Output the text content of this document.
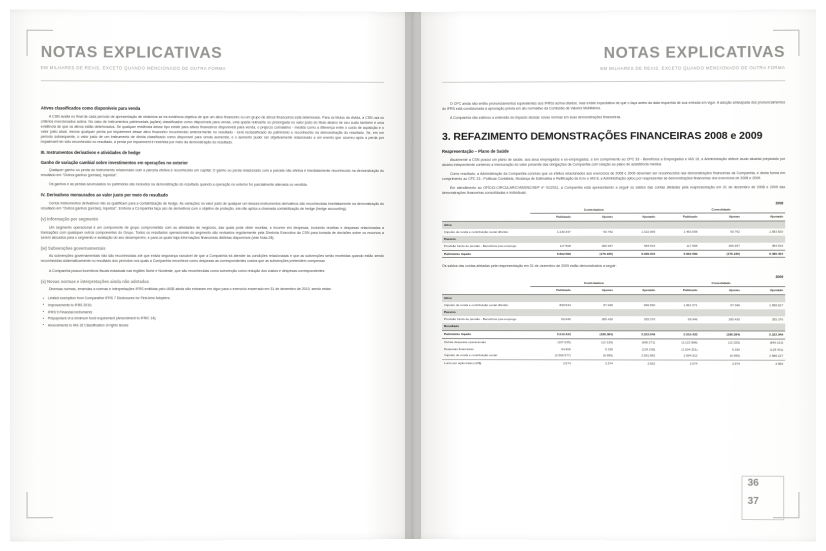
NOTAS EXPLICATIVAS
EM MILHARES DE REAIS, EXCETO QUANDO MENCIONADO DE OUTRA FORMA
Ativos classificados como disponíveis para venda

A CSN avalia no final de cada período de apresentação de relatórios se há evidência objetiva de que um ativo financeiro ou um grupo de ativos financeiros está deteriorado. Para os títulos da dívida, a CSN usa os critérios mencionados acima. No caso de instrumentos patrimoniais (ações) classificados como disponíveis para venda, uma queda relevante ou prolongada no valor justo do título abaixo de seu custo também é uma evidência de que os ativos estão deteriorados. Se qualquer evidência desse tipo existir para ativos financeiros disponíveis para venda, o prejuízo cumulativo - medido como a diferença entre o custo de aquisição e o valor justo atual, menos qualquer perda por impairment desse ativo financeiro reconhecido anteriormente no resultado - será reclassificado do patrimônio e reconhecido na demonstração do resultado. Se, em um período subsequente, o valor justo de um instrumento de dívida classificado como disponível para venda aumentar, e o aumento puder ser objetivamente relacionado a um evento que ocorreu após a perda por impairment ter sido reconhecido no resultado, a perda por impairment é revertida por meio da demonstração do resultado.

III. Instrumentos derivativos e atividades de hedge
Ganho de variação cambial sobre investimentos em operações no exterior

Qualquer ganho ou perda do instrumento relacionado com a parcela efetiva é reconhecido em capital. O ganho ou perda relacionado com a parcela não efetiva é imediatamente reconhecido na demonstração do resultado em "Outros ganhos (perdas), líquidos".

Os ganhos e as perdas acumulados no patrimônio são incluídos na demonstração do resultado quando a operação no exterior for parcialmente alienada ou vendida.

IV. Derivativos mensurados ao valor justo por meio do resultado

Certos instrumentos derivativos não se qualificam para a contabilização de hedge. As variações no valor justo de qualquer um desses instrumentos derivativos são reconhecidas imediatamente na demonstração do resultado em "Outros ganhos (perdas), líquidos". Embora a Companhia faça uso de derivativos com o objetivo de proteção, ela não aplica a chamada contabilização de hedge (hedge accounting).

(v) Informação por segmento

Um segmento operacional é um componente de grupo comprometido com as atividades de negócios, das quais pode obter receitas, e incorrer em despesas, incluindo receitas e despesas relacionadas a transações com quaisquer outros componentes do Grupo. Todos os resultados operacionais do segmento são revisados regularmente pela Diretoria Executiva da CSN para tomada de decisões sobre os recursos a serem alocados para o segmento e avaliação do seu desempenho, e para os quais haja informações financeiras distintas disponíveis (vide Nota 28).

(w) Subvenções governamentais

As subvenções governamentais não são reconhecidas até que exista segurança razoável de que a Companhia irá atender às condições relacionadas e que as subvenções serão recebidas quando estão sendo reconhecidas sistematicamente no resultado dos períodos nos quais a Companhia reconhece como despesas as correspondentes custos que as subvenções pretendem compensar.

A Companhia possui incentivos fiscais estaduais nas regiões Norte e Nordeste, que são reconhecidas como subvenção como redução dos custos e despesas correspondentes.

(x) Novas normas e interpretações ainda não adotadas

Diversas normas, emendas a normas e interpretações IFRS emitidas pelo IASB ainda não entraram em vigor para o exercício encerrado em 31 de dezembro de 2010, sendo estas:

• Limited exemption from Comparative IFRS 7 Disclosures for First-time Adopters;
• Improvements to IFRS 2010;
• IFRS 9 Financial instruments
• Prepayment of a minimum fund requirement (Amendment to IFRIC 14);
• Amendments to IAS 32 Classification of rights issues
NOTAS EXPLICATIVAS
EM MILHARES DE REAIS, EXCETO QUANDO MENCIONADO DE OUTRA FORMA

O CPC ainda não emitiu pronunciamentos equivalentes aos IFRSs acima citados, mas existe expectativa de que o faça antes da data requerida de sua entrada em vigor. A adoção antecipada dos pronunciamentos do IFRS está condicionada à aprovação prévia em ato normativo da Comissão de Valores Mobiliários.

A Companhia não estimou a extensão do impacto dessas novas normas em suas demonstrações financeiras.

3. REFAZIMENTO DEMONSTRAÇÕES FINANCEIRAS 2008 e 2009
Reapresentação – Plano de Saúde

Atualmente a CSN possui um plano de saúde, aos seus empregados e ex-empregados, e em cumprimento ao CPC 33 - Benefícios a Empregados e IAS 19, a Administração obteve laudo atuarial preparado por atuário independente contendo a mensuração do valor presente das obrigações da Companhia com relação ao plano de assistência médica.

Como resultado, a Administração da Companhia concluiu que os efeitos relacionados aos exercícios de 2008 e 2009 deveriam ser reconhecidos nas demonstrações financeiras da Companhia, e desta forma em cumprimento ao CPC 23 - Políticas Contábeis, Mudança de Estimativa e Retificação de Erro e IAS 8, a Administração optou por reapresentar as demonstrações financeiras dos exercícios de 2008 e 2009.

Em atendimento ao OFÍCIO-CIRCULAR/CVM/SNC/SEP nº 01/2011, a Companhia está apresentando a seguir os saldos das contas afetadas pela reapresentação em 31 de dezembro de 2008 e 2009 das demonstrações financeiras consolidadas e individuais.

						2008
	Controladora			Consolidado		
	Publicado	Ajustes	Ajustado	Publicado	Ajustes	Ajustado
Ativo						
Imposto de renda e contribuição social diferido	1.230.347	50.762	1.322.909	1.463.058	50.762	1.583.820
Passivo						
Provisão fundo de pensão - Benefícios pós-emprego	117.568	266.947	384.515	117.568	266.947	384.515
Patrimônio líquido	6.662.589	(176.185)	6.486.404	6.662.589	(176.185)	6.486.404

Os saldos das contas afetadas pela reapresentação em 31 de dezembro de 2009 estão demonstrados a seguir:

						2009
	Controladora			Consolidado		
	Publicado	Ajustes	Ajustado	Publicado	Ajustes	Ajustado
Ativo						
Imposto de renda e contribuição social diferido	899.544	97.046	996.590	1.861.571	97.046	1.958.617
Passivo						
Provisão fundo de pensão - Benefícios pós-emprego	69.946	285.430	355.376	69.946	285.430	355.376
Resultado						
Patrimônio líquido	5.510.433	(188.384)	5.322.049	5.510.433	(188.384)	5.322.049
Outras despesas operacionais	(107.035)	(12.126)	(600.271)	(3.122.988)	(12.025)	(646.313)
Despesas financeiras	94.906	5.330	(129.236)	(1.034.331)	5.330	(129.411)
Imposto de renda e contribuição social	(2.569.577)	(6.695)	2.561.882	2.594.912	(6.695)	2.588.217
Lucro por ação básico (R$)	3.574	3.574	3.562	3.574	3.574	3.550
36
37
